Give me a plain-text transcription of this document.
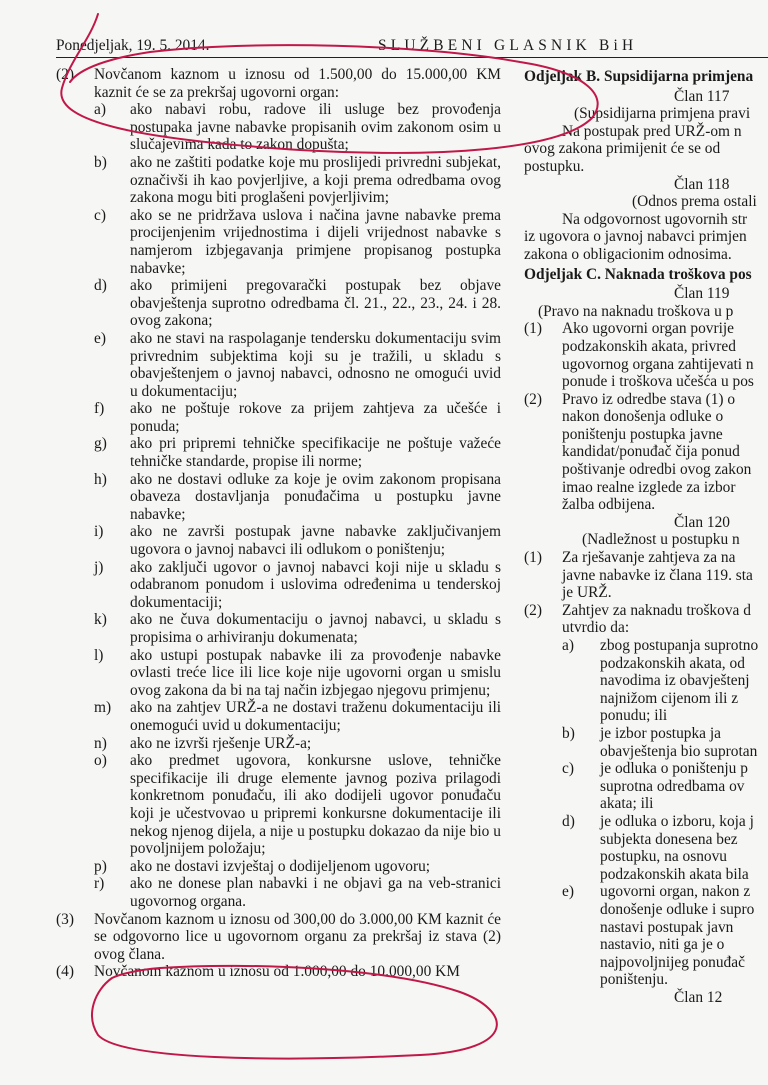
Ponedjeljak, 19. 5. 2014.	SLUŽBENI GLASNIK BiH
(2)	Novčanom kaznom u iznosu od 1.500,00 do 15.000,00 KM kaznit će se za prekršaj ugovorni organ:
a)	ako nabavi robu, radove ili usluge bez provođenja postupaka javne nabavke propisanih ovim zakonom osim u slučajevima kada to zakon dopušta;
b)	ako ne zaštiti podatke koje mu proslijedi privredni subjekat, označivši ih kao povjerljive, a koji prema odredbama ovog zakona mogu biti proglašeni povjerljivim;
c)	ako se ne pridržava uslova i načina javne nabavke prema procijenjenim vrijednostima i dijeli vrijednost nabavke s namjerom izbjegavanja primjene propisanog postupka nabavke;
d)	ako primijeni pregovarački postupak bez objave obavještenja suprotno odredbama čl. 21., 22., 23., 24. i 28. ovog zakona;
e)	ako ne stavi na raspolaganje tendersku dokumentaciju svim privrednim subjektima koji su je tražili, u skladu s obavještenjem o javnoj nabavci, odnosno ne omogući uvid u dokumentaciju;
f)	ako ne poštuje rokove za prijem zahtjeva za učešće i ponuda;
g)	ako pri pripremi tehničke specifikacije ne poštuje važeće tehničke standarde, propise ili norme;
h)	ako ne dostavi odluke za koje je ovim zakonom propisana obaveza dostavljanja ponuđačima u postupku javne nabavke;
i)	ako ne završi postupak javne nabavke zaključivanjem ugovora o javnoj nabavci ili odlukom o poništenju;
j)	ako zaključi ugovor o javnoj nabavci koji nije u skladu s odabranom ponudom i uslovima određenima u tenderskoj dokumentaciji;
k)	ako ne čuva dokumentaciju o javnoj nabavci, u skladu s propisima o arhiviranju dokumenata;
l)	ako ustupi postupak nabavke ili za provođenje nabavke ovlasti treće lice ili lice koje nije ugovorni organ u smislu ovog zakona da bi na taj način izbjegao njegovu primjenu;
m)	ako na zahtjev URŽ-a ne dostavi traženu dokumentaciju ili onemogući uvid u dokumentaciju;
n)	ako ne izvrši rješenje URŽ-a;
o)	ako predmet ugovora, konkursne uslove, tehničke specifikacije ili druge elemente javnog poziva prilagodi konkretnom ponuđaču, ili ako dodijeli ugovor ponuđaču koji je učestvovao u pripremi konkursne dokumentacije ili nekog njenog dijela, a nije u postupku dokazao da nije bio u povoljnijem položaju;
p)	ako ne dostavi izvještaj o dodijeljenom ugovoru;
r)	ako ne donese plan nabavki i ne objavi ga na veb-stranici ugovornog organa.
(3)	Novčanom kaznom u iznosu od 300,00 do 3.000,00 KM kaznit će se odgovorno lice u ugovornom organu za prekršaj iz stava (2) ovog člana.
(4)	Novčanom kaznom u iznosu od 1.000,00 do 10.000,00 KM
Odjeljak B. Supsidijarna primjena
Član 117
(Supsidijarna primjena pravi
Na postupak pred URŽ-om n
ovog zakona primijenit će se od
postupku.
Član 118
(Odnos prema ostali
Na odgovornost ugovornih str
iz ugovora o javnoj nabavci primjen
zakona o obligacionim odnosima.
Odjeljak C. Naknada troškova pos
Član 119
(Pravo na naknadu troškova u p
(1)	Ako ugovorni organ povrije
podzakonskih akata, privred
ugovornog organa zahtijevati n
ponude i troškova učešća u pos
(2)	Pravo iz odredbe stava (1) o
nakon donošenja odluke o
poništenju postupka javne
kandidat/ponuđač čija ponud
poštivanje odredbi ovog zakon
imao realne izglede za izbor
žalba odbijena.
Član 120
(Nadležnost u postupku n
(1)	Za rješavanje zahtjeva za na
javne nabavke iz člana 119. sta
je URŽ.
(2)	Zahtjev za naknadu troškova d
utvrdio da:
a)	zbog postupanja suprotno
podzakonskih akata, od
navodima iz obavještenj
najnižom cijenom ili z
ponudu; ili
b)	je izbor postupka ja
obavještenja bio suprotan
c)	je odluka o poništenju p
suprotna odredbama ov
akata; ili
d)	je odluka o izboru, koja j
subjekta donesena bez
postupku, na osnovu
podzakonskih akata bila
e)	ugovorni organ, nakon z
donošenje odluke i supro
nastavi postupak javn
nastavio, niti ga je o
najpovoljnijeg ponuđač
poništenju.
Član 12
